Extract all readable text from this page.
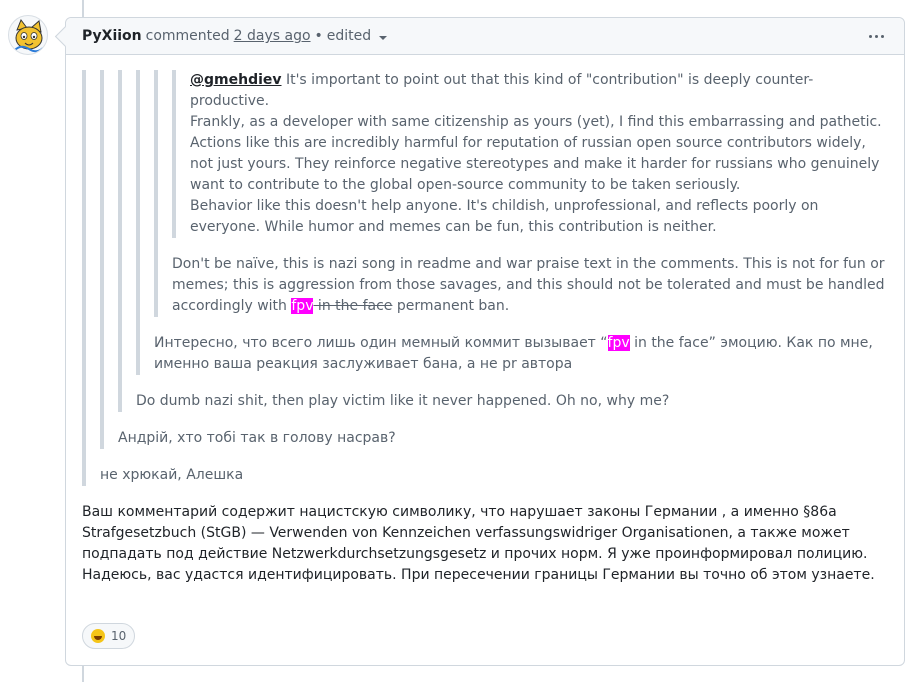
PyXiion commented 2 days ago • edited

@gmehdiev It's important to point out that this kind of "contribution" is deeply counter-productive.

Frankly, as a developer with same citizenship as yours (yet), I find this embarrassing and pathetic. Actions like this are incredibly harmful for reputation of russian open source contributors widely, not just yours. They reinforce negative stereotypes and make it harder for russians who genuinely want to contribute to the global open-source community to be taken seriously.

Behavior like this doesn't help anyone. It's childish, unprofessional, and reflects poorly on everyone. While humor and memes can be fun, this contribution is neither.

Don't be naïve, this is nazi song in readme and war praise text in the comments. This is not for fun or memes; this is aggression from those savages, and this should not be tolerated and must be handled accordingly with fpv in the face permanent ban.

Интересно, что всего лишь один мемный коммит вызывает “fpv in the face” эмоцию. Как по мне, именно ваша реакция заслуживает бана, а не pr автора

Do dumb nazi shit, then play victim like it never happened. Oh no, why me?

Андрій, хто тобі так в голову насрав?

не хрюкай, Алешка

Ваш комментарий содержит нацистскую символику, что нарушает законы Германии , а именно §86a Strafgesetzbuch (StGB) — Verwenden von Kennzeichen verfassungswidriger Organisationen, а также может подпадать под действие Netzwerkdurchsetzungsgesetz и прочих норм. Я уже проинформировал полицию. Надеюсь, вас удастся идентифицировать. При пересечении границы Германии вы точно об этом узнаете.

10
